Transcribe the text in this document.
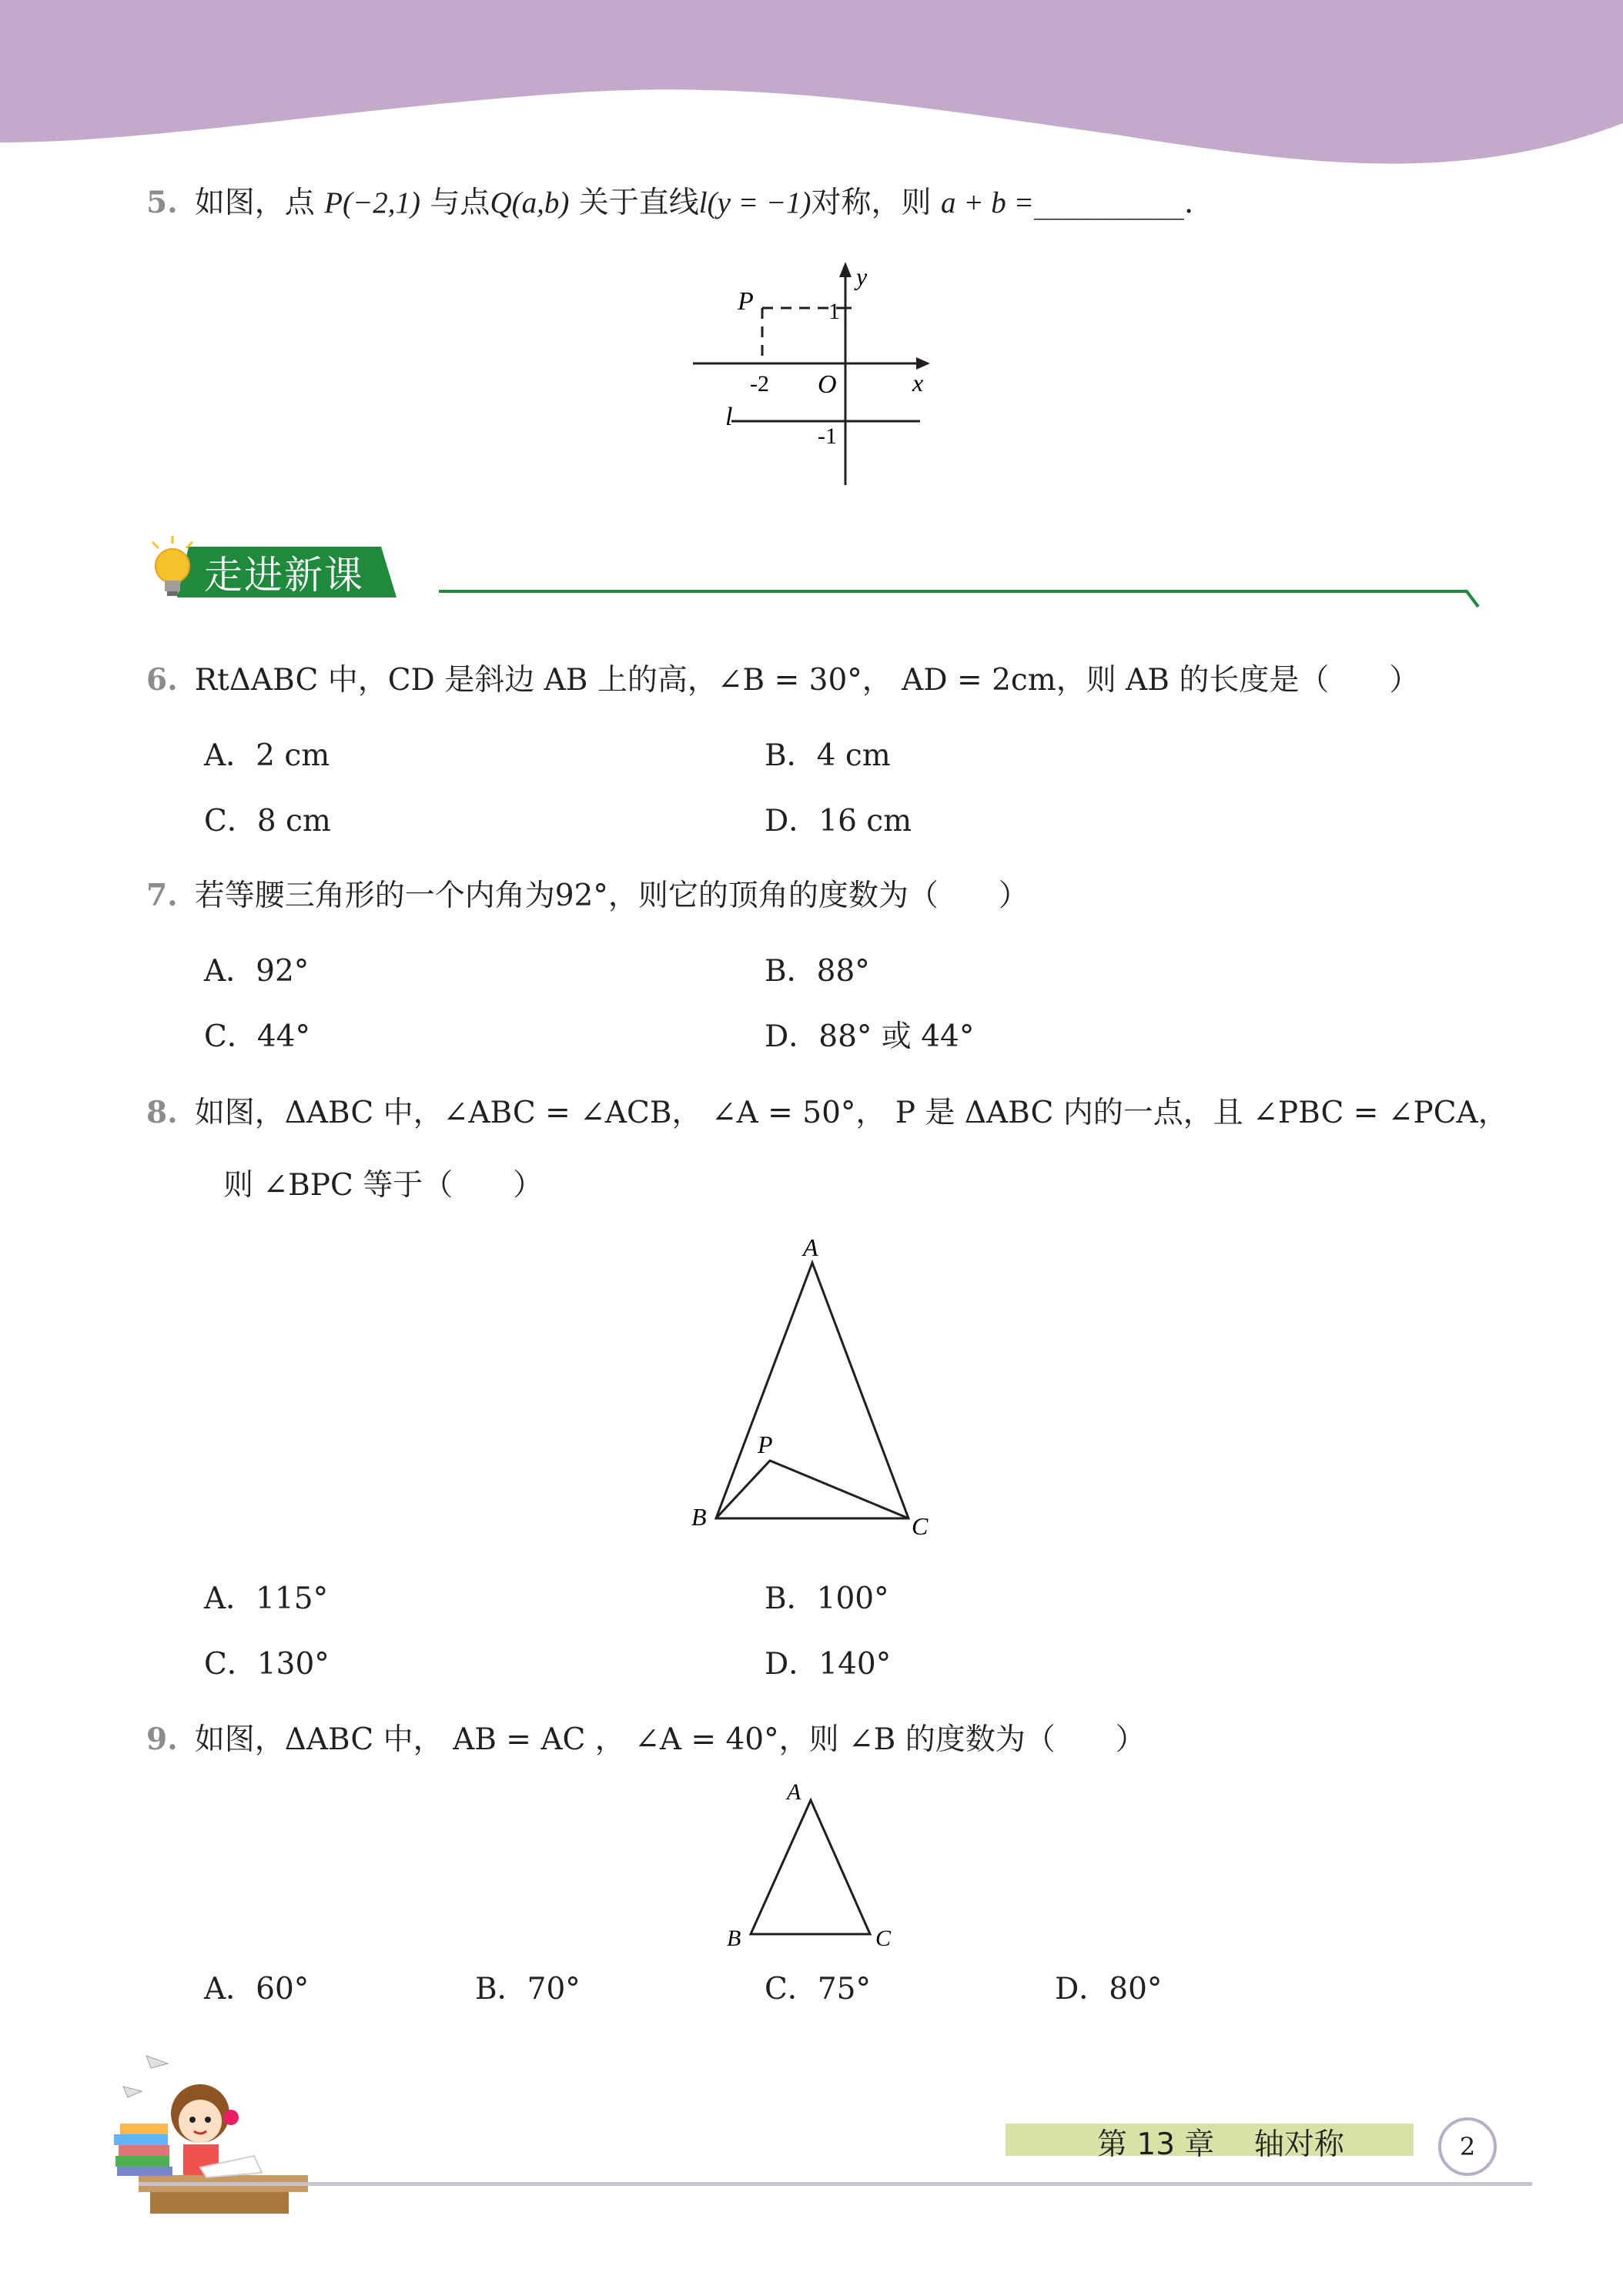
5. 如图，点 P(−2,1) 与点Q(a,b) 关于直线l(y = −1)对称，则 a + b =__________.
P
y
1
-2 O	x
l
-1
走进新课
6. RtΔABC 中，CD 是斜边 AB 上的高，∠B = 30°， AD = 2cm，则 AB 的长度是（　　）
A．2 cm	B．4 cm
C．8 cm	D．16 cm
7. 若等腰三角形的一个内角为92°，则它的顶角的度数为（　　）
A．92°	B．88°
C．44°	D．88° 或 44°
8. 如图，ΔABC 中，∠ABC = ∠ACB， ∠A = 50°， P 是 ΔABC 内的一点，且 ∠PBC = ∠PCA，
则 ∠BPC 等于（　　）
A
B	C
P
A．115°	B．100°
C．130°	D．140°
9. 如图，ΔABC 中， AB = AC ， ∠A = 40°，则 ∠B 的度数为（　　）
A
B	C
A．60°	B．70°	C．75°	D．80°
第 13 章　 轴对称	2
